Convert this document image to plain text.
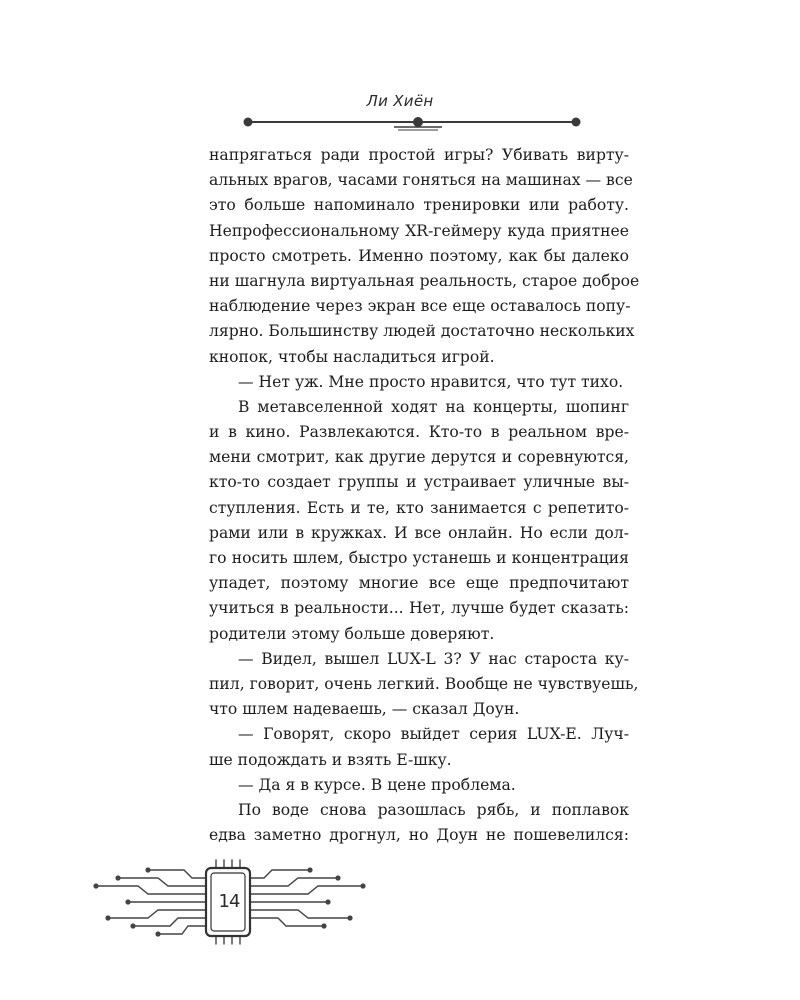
Ли Хиён
напрягаться ради простой игры? Убивать вирту-
альных врагов, часами гоняться на машинах — все
это больше напоминало тренировки или работу.
Непрофессиональному XR-геймеру куда приятнее
просто смотреть. Именно поэтому, как бы далеко
ни шагнула виртуальная реальность, старое доброе
наблюдение через экран все еще оставалось попу-
лярно. Большинству людей достаточно нескольких
кнопок, чтобы насладиться игрой.
— Нет уж. Мне просто нравится, что тут тихо.
В метавселенной ходят на концерты, шопинг
и в кино. Развлекаются. Кто-то в реальном вре-
мени смотрит, как другие дерутся и соревнуются,
кто-то создает группы и устраивает уличные вы-
ступления. Есть и те, кто занимается с репетито-
рами или в кружках. И все онлайн. Но если дол-
го носить шлем, быстро устанешь и концентрация
упадет, поэтому многие все еще предпочитают
учиться в реальности... Нет, лучше будет сказать:
родители этому больше доверяют.
— Видел, вышел LUX-L 3? У нас староста ку-
пил, говорит, очень легкий. Вообще не чувствуешь,
что шлем надеваешь, — сказал Доун.
— Говорят, скоро выйдет серия LUX-E. Луч-
ше подождать и взять E-шку.
— Да я в курсе. В цене проблема.
По воде снова разошлась рябь, и поплавок
едва заметно дрогнул, но Доун не пошевелился:
14
